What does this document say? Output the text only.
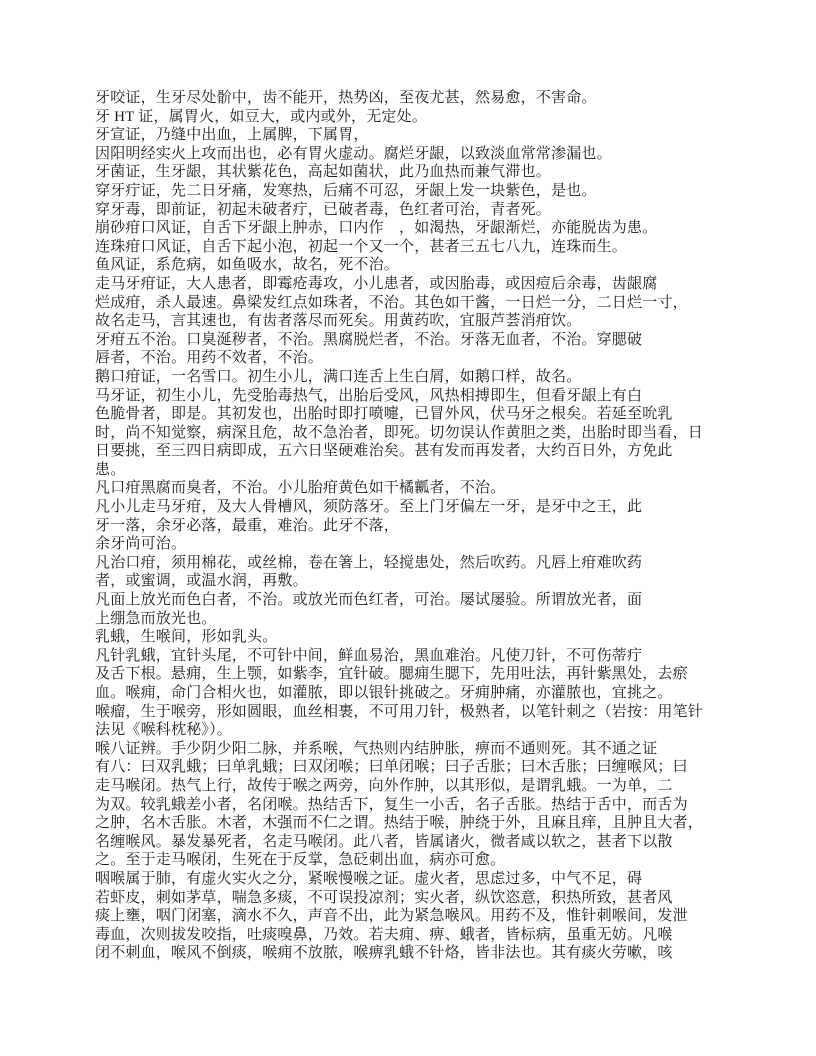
牙咬证，生牙尽处骱中，齿不能开，热势凶，至夜尤甚，然易愈，不害命。
牙 HT 证，属胃火，如豆大，或内或外，无定处。
牙宣证，乃缝中出血，上属脾，下属胃，
因阳明经实火上攻而出也，必有胃火虚动。腐烂牙龈，以致淡血常常渗漏也。
牙菌证，生牙龈，其状紫花色，高起如菌状，此乃血热而兼气滞也。
穿牙疔证，先二日牙痛，发寒热，后痛不可忍，牙龈上发一块紫色，是也。
穿牙毒，即前证，初起未破者疔，已破者毒，色红者可治，青者死。
崩砂疳口风证，自舌下牙龈上肿赤，口内作　，如渴热，牙龈渐烂，亦能脱齿为患。
连珠疳口风证，自舌下起小泡，初起一个又一个，甚者三五七八九，连珠而生。
鱼风证，系危病，如鱼吸水，故名，死不治。
走马牙疳证，大人患者，即霉疮毒攻，小儿患者，或因胎毒，或因痘后余毒，齿龈腐
烂成疳，杀人最速。鼻梁发红点如珠者，不治。其色如干酱，一日烂一分，二日烂一寸，
故名走马，言其速也，有齿者落尽而死矣。用黄药吹，宜服芦荟消疳饮。
牙疳五不治。口臭涎秽者，不治。黑腐脱烂者，不治。牙落无血者，不治。穿腮破
唇者，不治。用药不效者，不治。
鹅口疳证，一名雪口。初生小儿，满口连舌上生白屑，如鹅口样，故名。
马牙证，初生小儿，先受胎毒热气，出胎后受风，风热相搏即生，但看牙龈上有白
色脆骨者，即是。其初发也，出胎时即打喷嚏，已冒外风，伏马牙之根矣。若延至吮乳
时，尚不知觉察，病深且危，故不急治者，即死。切勿误认作黄胆之类，出胎时即当看，日
日要挑，至三四日病即成，五六日坚硬难治矣。甚有发而再发者，大约百日外，方免此
患。
凡口疳黑腐而臭者，不治。小儿胎疳黄色如干橘瓤者，不治。
凡小儿走马牙疳，及大人骨槽风，须防落牙。至上门牙偏左一牙，是牙中之王，此
牙一落，余牙必落，最重，难治。此牙不落，
余牙尚可治。
凡治口疳，须用棉花，或丝棉，卷在箸上，轻搅患处，然后吹药。凡唇上疳难吹药
者，或蜜调，或温水润，再敷。
凡面上放光而色白者，不治。或放光而色红者，可治。屡试屡验。所谓放光者，面
上绷急而放光也。
乳蛾，生喉间，形如乳头。
凡针乳蛾，宜针头尾，不可针中间，鲜血易治，黑血难治。凡使刀针，不可伤蒂疔
及舌下根。悬痈，生上颚，如紫李，宜针破。腮痈生腮下，先用吐法，再针紫黑处，去瘀
血。喉痈，命门合相火也，如灌脓，即以银针挑破之。牙痈肿痛，亦灌脓也，宜挑之。
喉瘤，生于喉旁，形如圆眼，血丝相裹，不可用刀针，极熟者，以笔针刺之（岩按：用笔针
法见《喉科枕秘》）。
喉八证辨。手少阴少阳二脉，并系喉，气热则内结肿胀，痹而不通则死。其不通之证
有八：曰双乳蛾；曰单乳蛾；曰双闭喉；曰单闭喉；曰子舌胀；曰木舌胀；曰缠喉风；曰
走马喉闭。热气上行，故传于喉之两旁，向外作肿，以其形似，是谓乳蛾。一为单，二
为双。较乳蛾差小者，名闭喉。热结舌下，复生一小舌，名子舌胀。热结于舌中，而舌为
之肿，名木舌胀。木者，木强而不仁之谓。热结于喉，肿绕于外，且麻且痒，且肿且大者，
名缠喉风。暴发暴死者，名走马喉闭。此八者，皆属诸火，微者咸以软之，甚者下以散
之。至于走马喉闭，生死在于反掌，急砭刺出血，病亦可愈。
咽喉属于肺，有虚火实火之分，紧喉慢喉之证。虚火者，思虑过多，中气不足，碍
若虾皮，刺如茅草，喘急多痰，不可误投凉剂；实火者，纵饮恣意，积热所致，甚者风
痰上壅，咽门闭塞，滴水不久，声音不出，此为紧急喉风。用药不及，惟针刺喉间，发泄
毒血，次则拔发咬指，吐痰嗅鼻，乃效。若夫痈、痹、蛾者，皆标病，虽重无妨。凡喉
闭不刺血，喉风不倒痰，喉痈不放脓，喉痹乳蛾不针烙，皆非法也。其有痰火劳嗽，咳
